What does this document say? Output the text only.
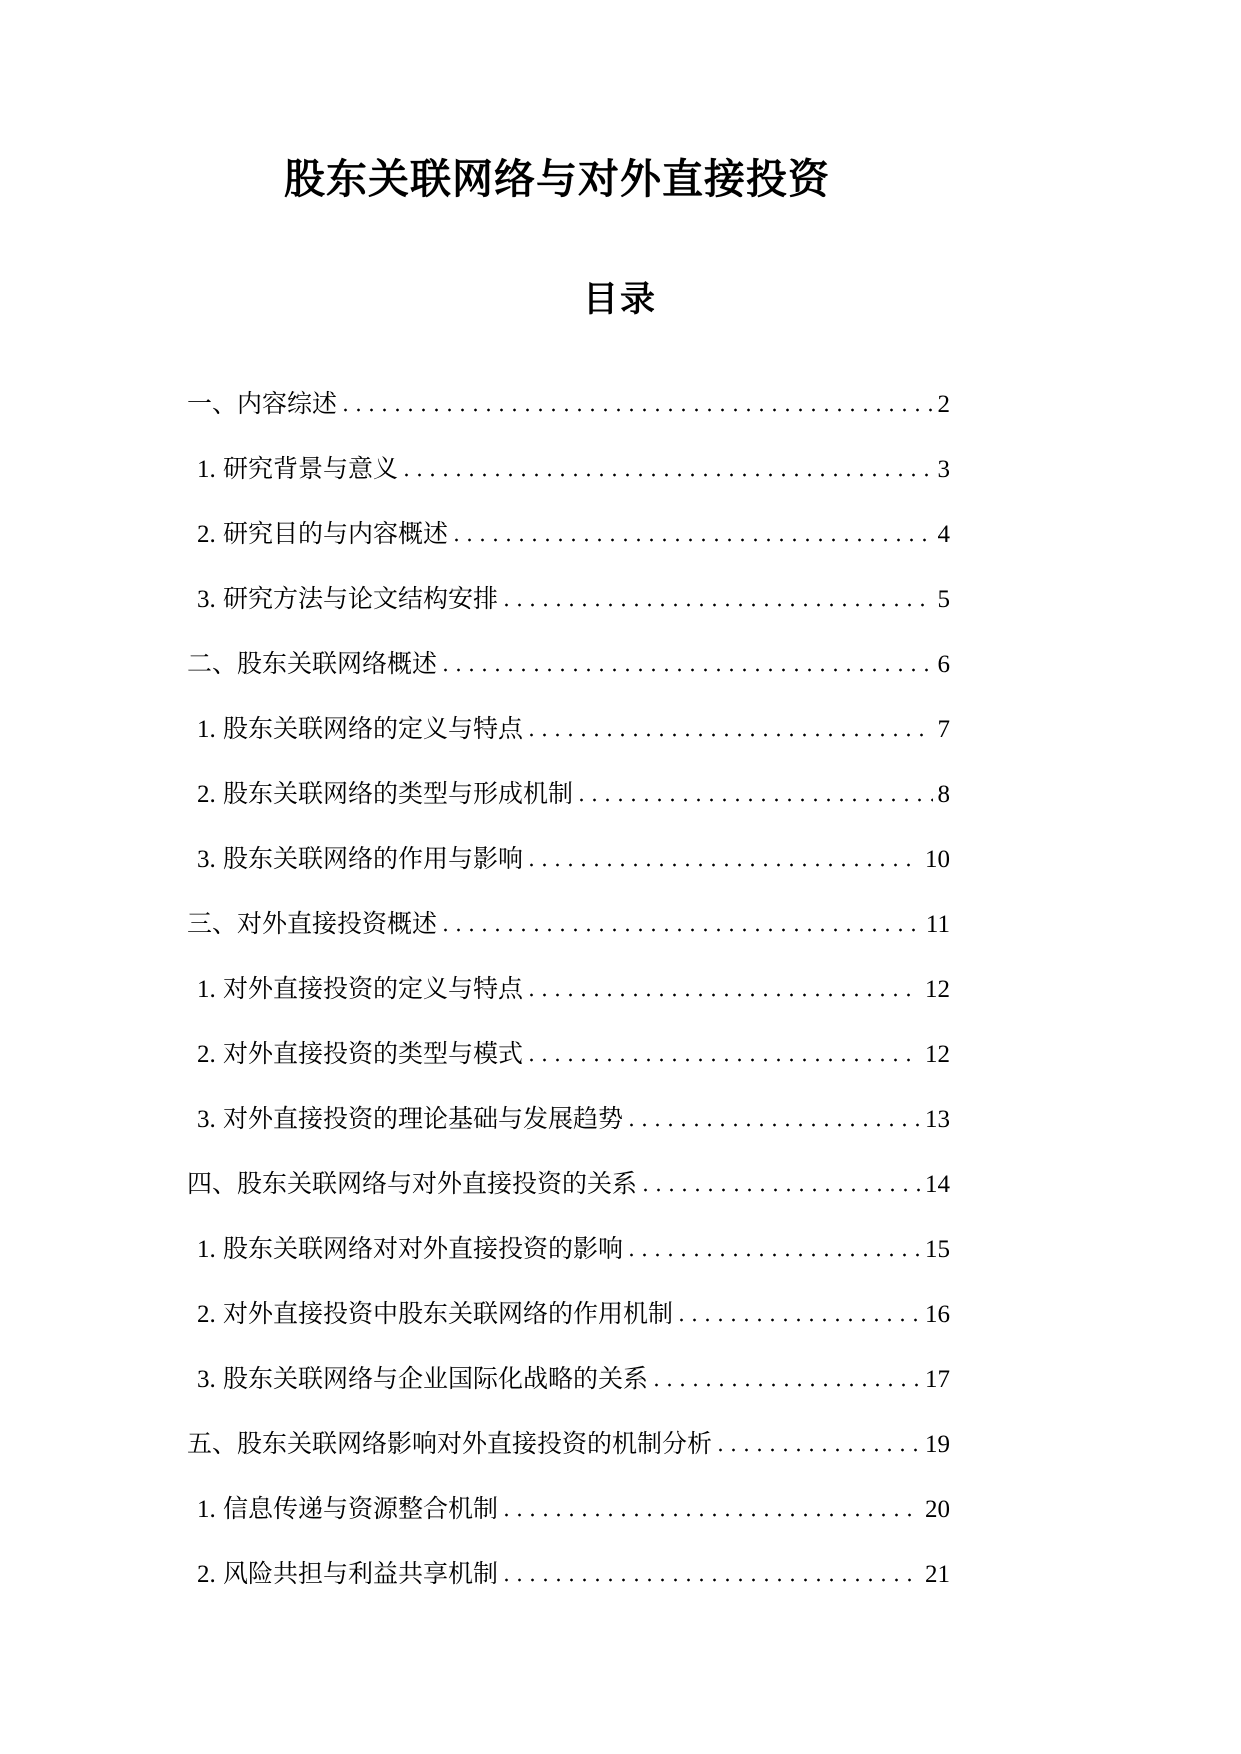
股东关联网络与对外直接投资
目录
一、内容综述	2
1. 研究背景与意义	3
2. 研究目的与内容概述	4
3. 研究方法与论文结构安排	5
二、股东关联网络概述	6
1. 股东关联网络的定义与特点	7
2. 股东关联网络的类型与形成机制	8
3. 股东关联网络的作用与影响	10
三、对外直接投资概述	11
1. 对外直接投资的定义与特点	12
2. 对外直接投资的类型与模式	12
3. 对外直接投资的理论基础与发展趋势	13
四、股东关联网络与对外直接投资的关系	14
1. 股东关联网络对对外直接投资的影响	15
2. 对外直接投资中股东关联网络的作用机制	16
3. 股东关联网络与企业国际化战略的关系	17
五、股东关联网络影响对外直接投资的机制分析	19
1. 信息传递与资源整合机制	20
2. 风险共担与利益共享机制	21
